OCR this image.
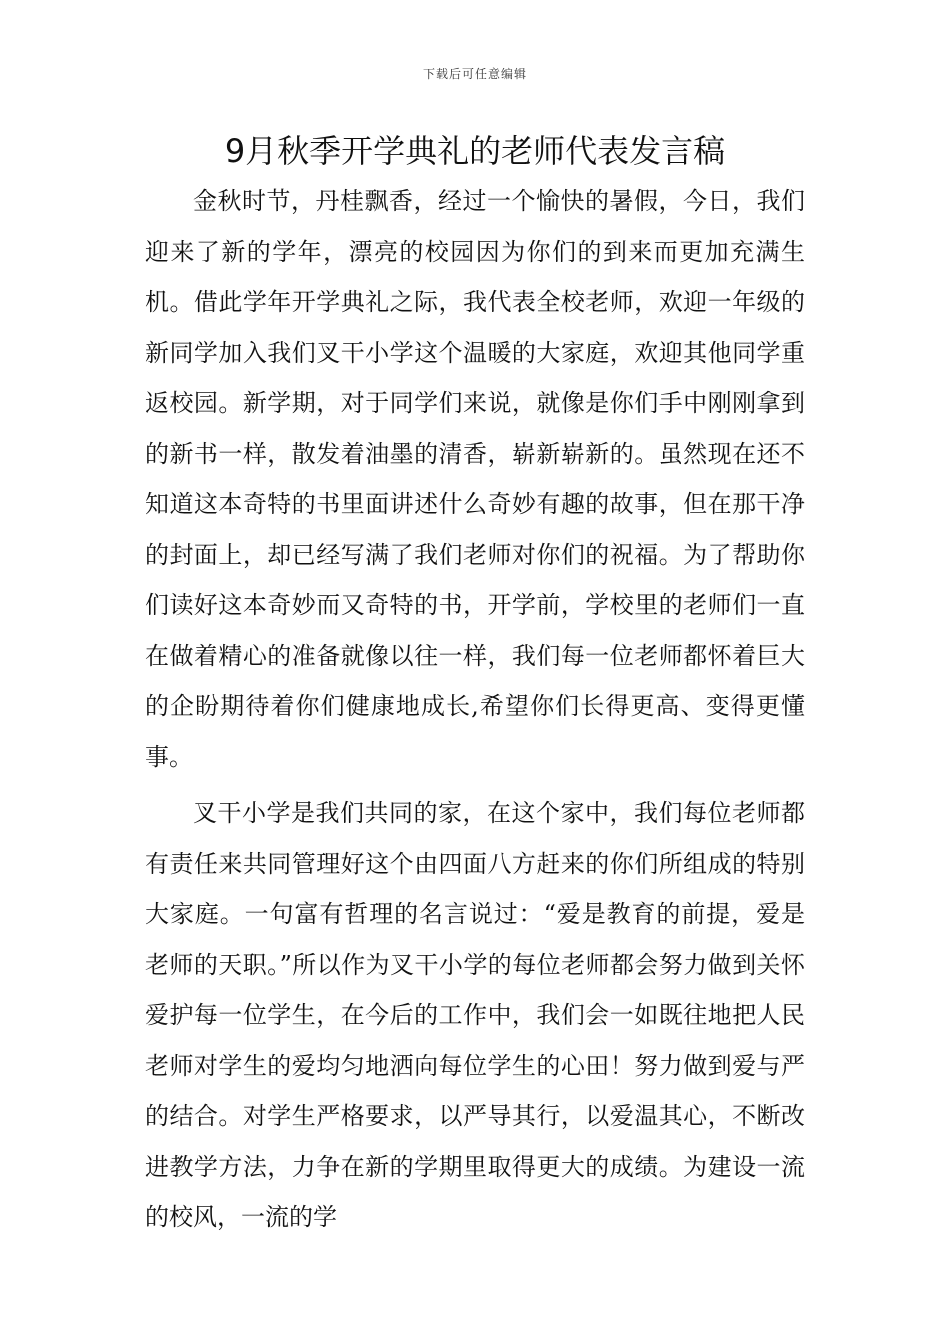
下载后可任意编辑
9月秋季开学典礼的老师代表发言稿

金秋时节，丹桂飘香，经过一个愉快的暑假，今日，我们迎来了新的学年，漂亮的校园因为你们的到来而更加充满生机。借此学年开学典礼之际，我代表全校老师，欢迎一年级的新同学加入我们叉干小学这个温暖的大家庭，欢迎其他同学重返校园。新学期，对于同学们来说，就像是你们手中刚刚拿到的新书一样，散发着油墨的清香，崭新崭新的。虽然现在还不知道这本奇特的书里面讲述什么奇妙有趣的故事，但在那干净的封面上，却已经写满了我们老师对你们的祝福。为了帮助你们读好这本奇妙而又奇特的书，开学前，学校里的老师们一直在做着精心的准备就像以往一样，我们每一位老师都怀着巨大的企盼期待着你们健康地成长,希望你们长得更高、变得更懂事。

叉干小学是我们共同的家，在这个家中，我们每位老师都有责任来共同管理好这个由四面八方赶来的你们所组成的特别大家庭。一句富有哲理的名言说过：“爱是教育的前提，爱是老师的天职。”所以作为叉干小学的每位老师都会努力做到关怀爱护每一位学生，在今后的工作中，我们会一如既往地把人民老师对学生的爱均匀地洒向每位学生的心田！努力做到爱与严的结合。对学生严格要求，以严导其行，以爱温其心，不断改进教学方法，力争在新的学期里取得更大的成绩。为建设一流的校风，一流的学
